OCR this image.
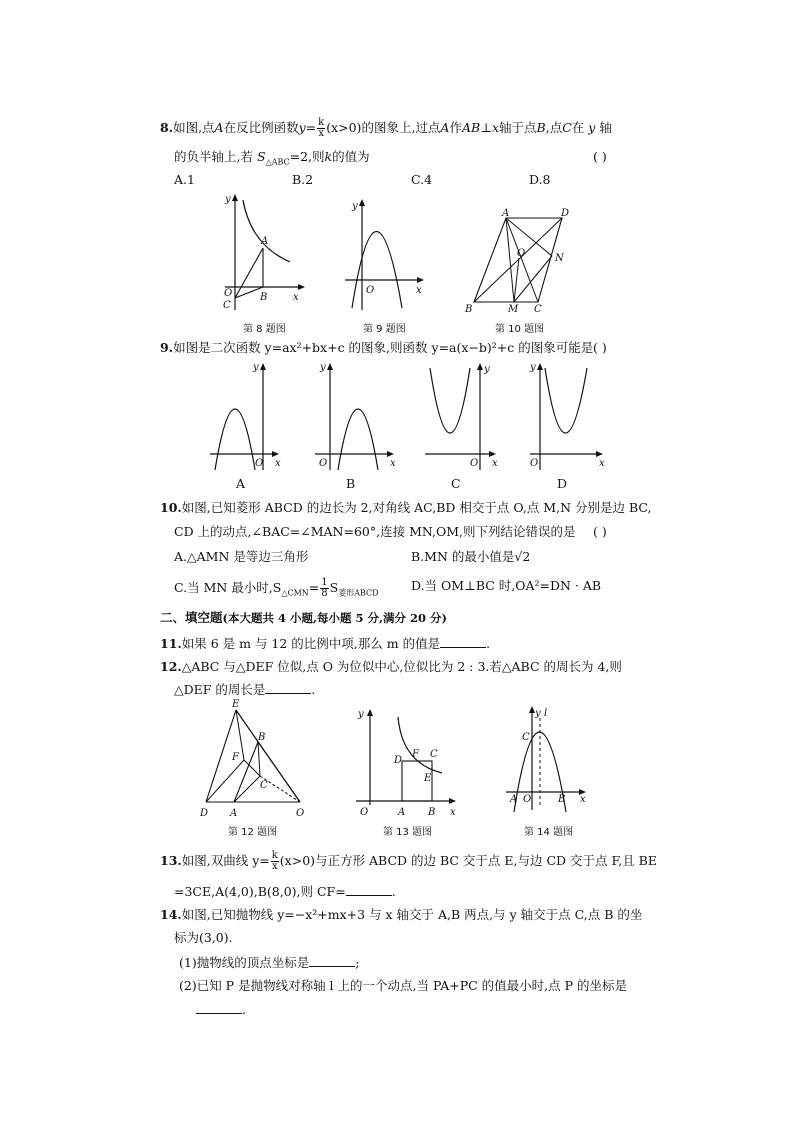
8.如图,点A在反比例函数$y= \frac{k}{x} (x>0)$的图象上,过点A作AB⊥x轴于点B,点C在 y 轴
的负半轴上,若 $S_{\triangle ABC}=2$,则k的值为	( )
A.1	B.2	C.4	D.8
y
A
O	B	x
C
第 8 题图
y
O	x
第 9 题图
A	D
O	N
B	M C
第 10 题图
9.如图是二次函数 y=ax²+bx+c 的图象,则函数 y=a(x−b)²+c 的图象可能是 ( )
y
O x
y
O	x
y
O x
y
O	x
A	B	C	D
10.如图,已知菱形 ABCD 的边长为 2,对角线 AC,BD 相交于点 O,点 M,N 分别是边 BC,
CD 上的动点,∠BAC=∠MAN=60°,连接 MN,OM,则下列结论错误的是 ( )
A.△AMN 是等边三角形	B.MN 的最小值是√2
C.当 MN 最小时$,S_{\triangle CMN}= \frac{1}{8} S_{菱形ABCD}$	D.当 OM⊥BC 时,OA²=DN · AB
二、填空题(本大题共 4 小题,每小题 5 分,满分 20 分)
11.如果 6 是 m 与 12 的比例中项,那么 m 的值是	.
12.△ABC 与△DEF 位似,点 O 为位似中心,位似比为 2 : 3.若△ABC 的周长为 4,则
△DEF 的周长是	.
E
B
F
C
D A	O
第 12 题图
y
D
F C
E
O	A B x
第 13 题图
y l
C
A O	B x
第 14 题图
13.如图,双曲线 $y= \frac{k}{x} (x>0)$与正方形 ABCD 的边 BC 交于点 E,与边 CD 交于点 F,且 BE
=3CE,A(4,0),B(8,0),则 CF=	.
14.如图,已知抛物线 y=−x²+mx+3 与 x 轴交于 A,B 两点,与 y 轴交于点 C,点 B 的坐
标为(3,0).
(1)抛物线的顶点坐标是	;
(2)已知 P 是抛物线对称轴 l 上的一个动点,当 PA+PC 的值最小时,点 P 的坐标是
.
